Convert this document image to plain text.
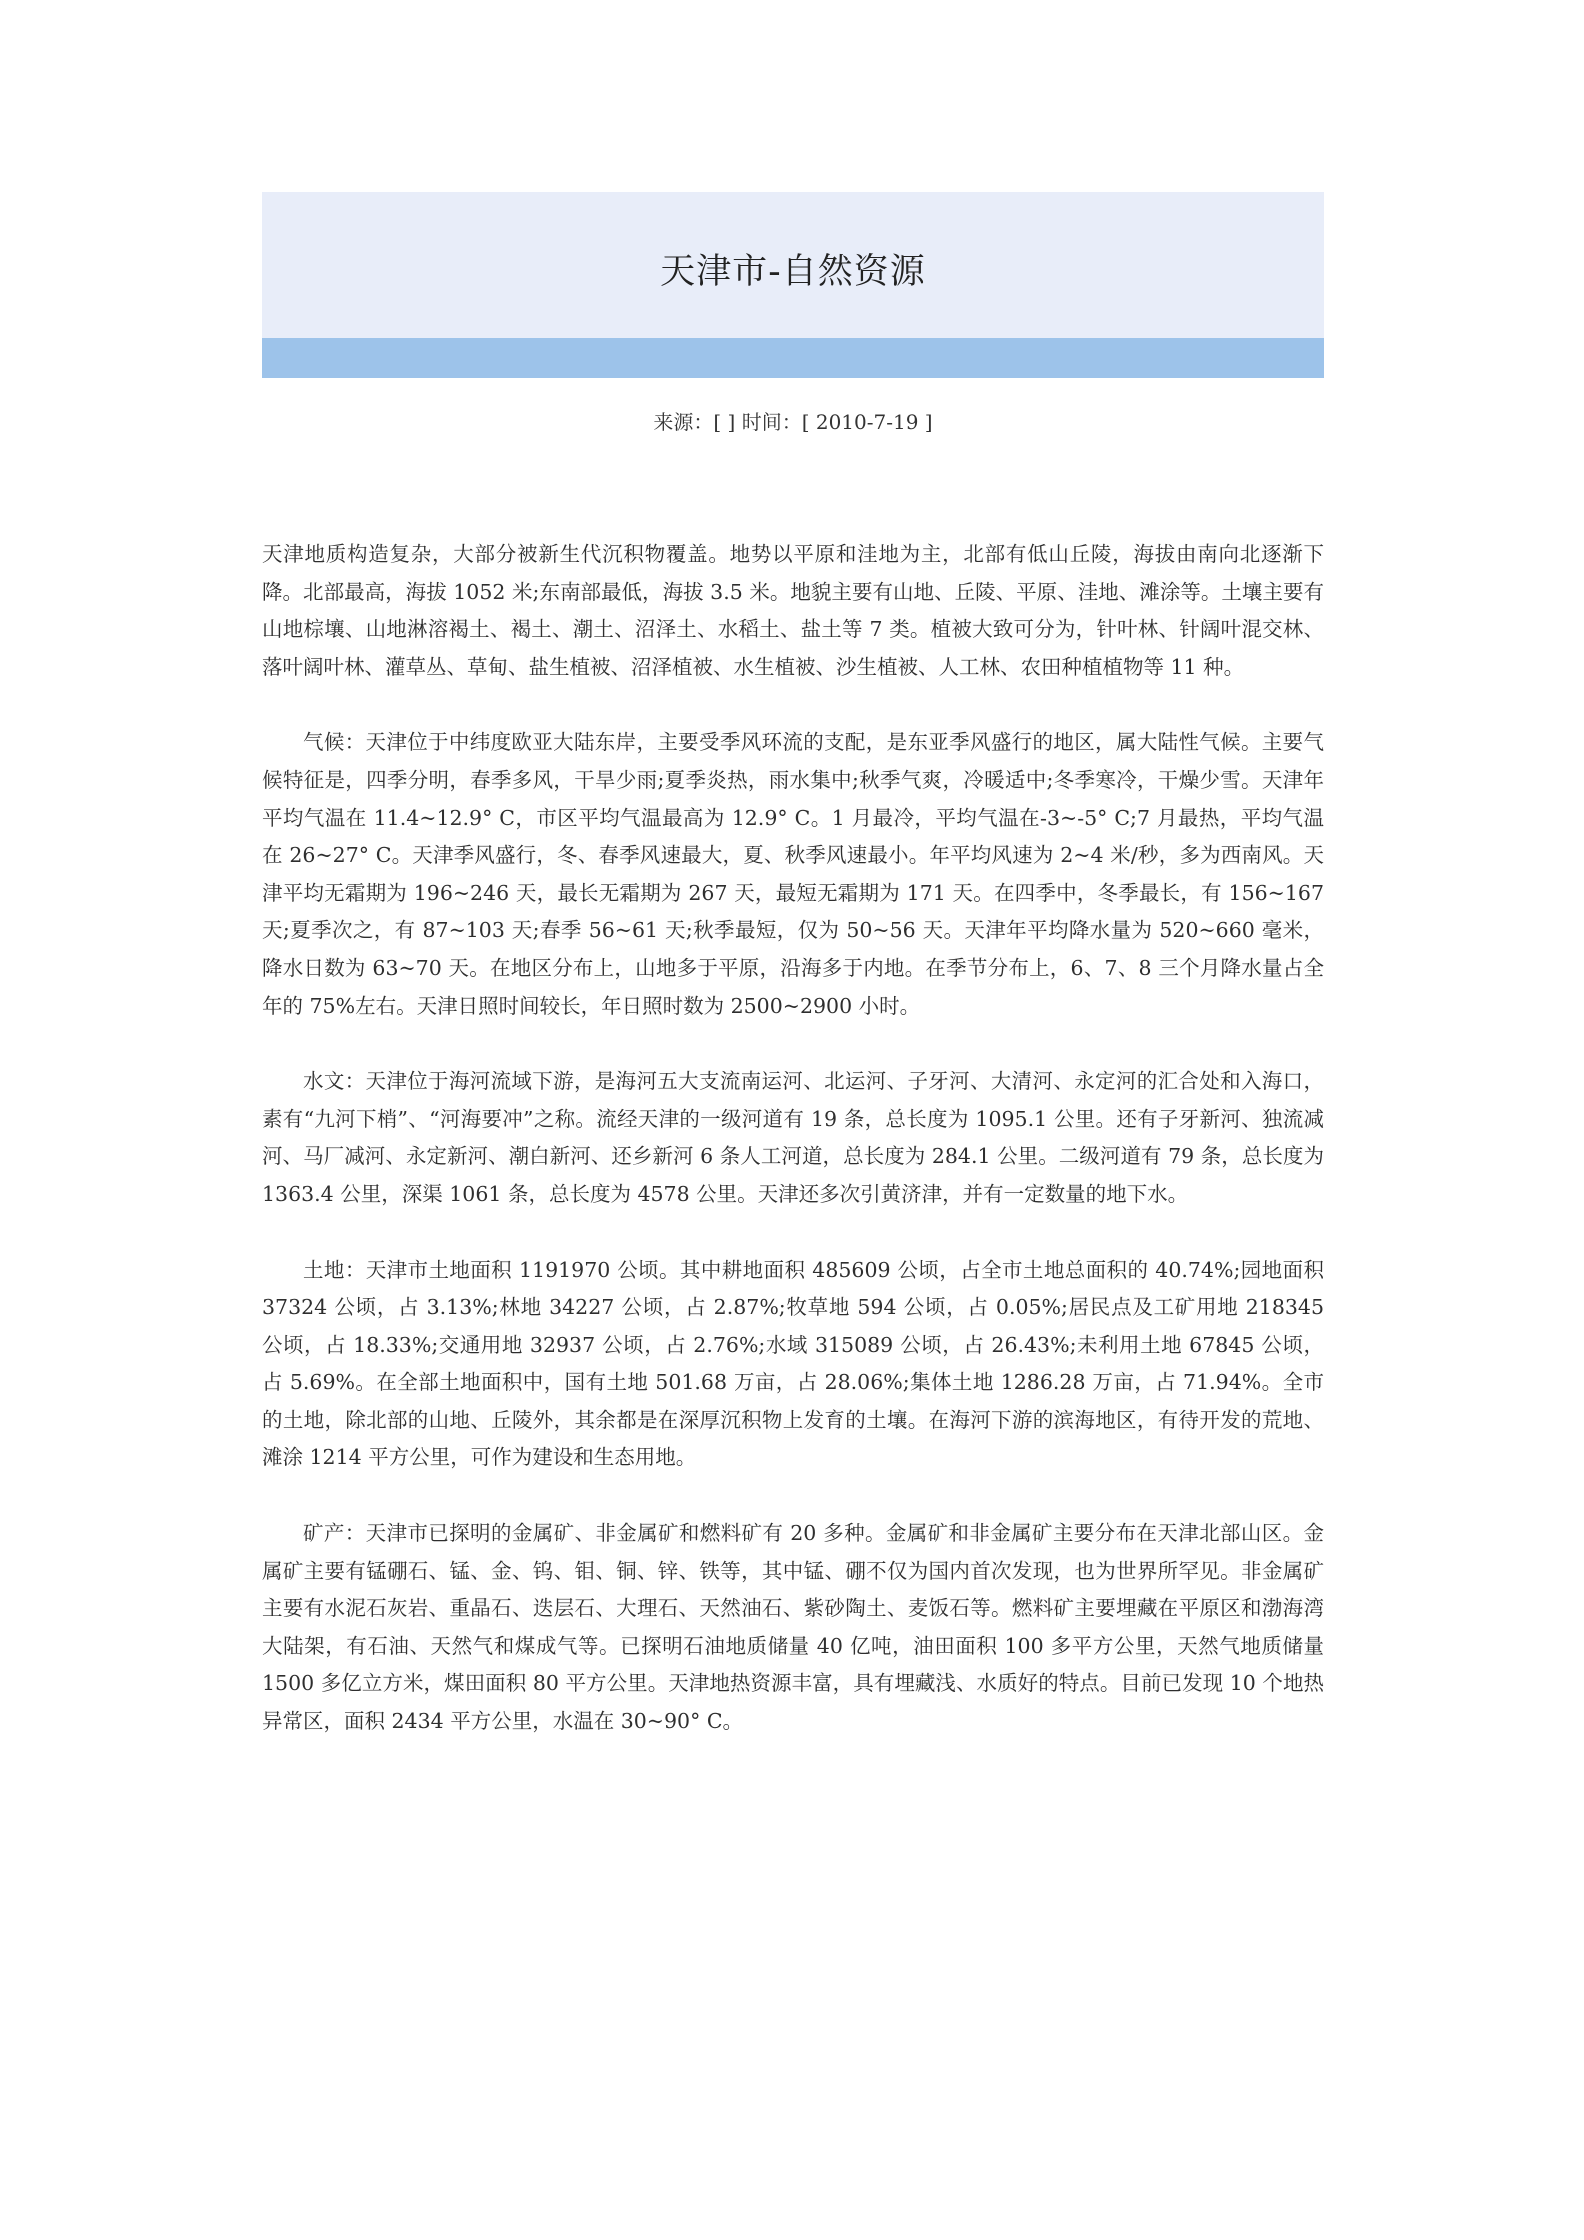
天津市-自然资源
来源：[ ] 时间：[ 2010-7-19 ]

天津地质构造复杂，大部分被新生代沉积物覆盖。地势以平原和洼地为主，北部有低山丘陵，海拔由南向北逐渐下降。北部最高，海拔 1052 米;东南部最低，海拔 3.5 米。地貌主要有山地、丘陵、平原、洼地、滩涂等。土壤主要有山地棕壤、山地淋溶褐土、褐土、潮土、沼泽土、水稻土、盐土等 7 类。植被大致可分为，针叶林、针阔叶混交林、落叶阔叶林、灌草丛、草甸、盐生植被、沼泽植被、水生植被、沙生植被、人工林、农田种植植物等 11 种。

气候：天津位于中纬度欧亚大陆东岸，主要受季风环流的支配，是东亚季风盛行的地区，属大陆性气候。主要气候特征是，四季分明，春季多风，干旱少雨;夏季炎热，雨水集中;秋季气爽，冷暖适中;冬季寒冷，干燥少雪。天津年平均气温在 11.4~12.9° C，市区平均气温最高为 12.9° C。1 月最冷，平均气温在-3~-5° C;7 月最热，平均气温在 26~27° C。天津季风盛行，冬、春季风速最大，夏、秋季风速最小。年平均风速为 2~4 米/秒，多为西南风。天津平均无霜期为 196~246 天，最长无霜期为 267 天，最短无霜期为 171 天。在四季中，冬季最长，有 156~167 天;夏季次之，有 87~103 天;春季 56~61 天;秋季最短，仅为 50~56 天。天津年平均降水量为 520~660 毫米，降水日数为 63~70 天。在地区分布上，山地多于平原，沿海多于内地。在季节分布上，6、7、8 三个月降水量占全年的 75%左右。天津日照时间较长，年日照时数为 2500~2900 小时。

水文：天津位于海河流域下游，是海河五大支流南运河、北运河、子牙河、大清河、永定河的汇合处和入海口，素有“九河下梢”、“河海要冲”之称。流经天津的一级河道有 19 条，总长度为 1095.1 公里。还有子牙新河、独流减河、马厂减河、永定新河、潮白新河、还乡新河 6 条人工河道，总长度为 284.1 公里。二级河道有 79 条，总长度为 1363.4 公里，深渠 1061 条，总长度为 4578 公里。天津还多次引黄济津，并有一定数量的地下水。

土地：天津市土地面积 1191970 公顷。其中耕地面积 485609 公顷，占全市土地总面积的 40.74%;园地面积 37324 公顷，占 3.13%;林地 34227 公顷，占 2.87%;牧草地 594 公顷，占 0.05%;居民点及工矿用地 218345 公顷，占 18.33%;交通用地 32937 公顷，占 2.76%;水域 315089 公顷，占 26.43%;未利用土地 67845 公顷，占 5.69%。在全部土地面积中，国有土地 501.68 万亩，占 28.06%;集体土地 1286.28 万亩，占 71.94%。全市的土地，除北部的山地、丘陵外，其余都是在深厚沉积物上发育的土壤。在海河下游的滨海地区，有待开发的荒地、滩涂 1214 平方公里，可作为建设和生态用地。

矿产：天津市已探明的金属矿、非金属矿和燃料矿有 20 多种。金属矿和非金属矿主要分布在天津北部山区。金属矿主要有锰硼石、锰、金、钨、钼、铜、锌、铁等，其中锰、硼不仅为国内首次发现，也为世界所罕见。非金属矿主要有水泥石灰岩、重晶石、迭层石、大理石、天然油石、紫砂陶土、麦饭石等。燃料矿主要埋藏在平原区和渤海湾大陆架，有石油、天然气和煤成气等。已探明石油地质储量 40 亿吨，油田面积 100 多平方公里，天然气地质储量 1500 多亿立方米，煤田面积 80 平方公里。天津地热资源丰富，具有埋藏浅、水质好的特点。目前已发现 10 个地热异常区，面积 2434 平方公里，水温在 30~90° C。
